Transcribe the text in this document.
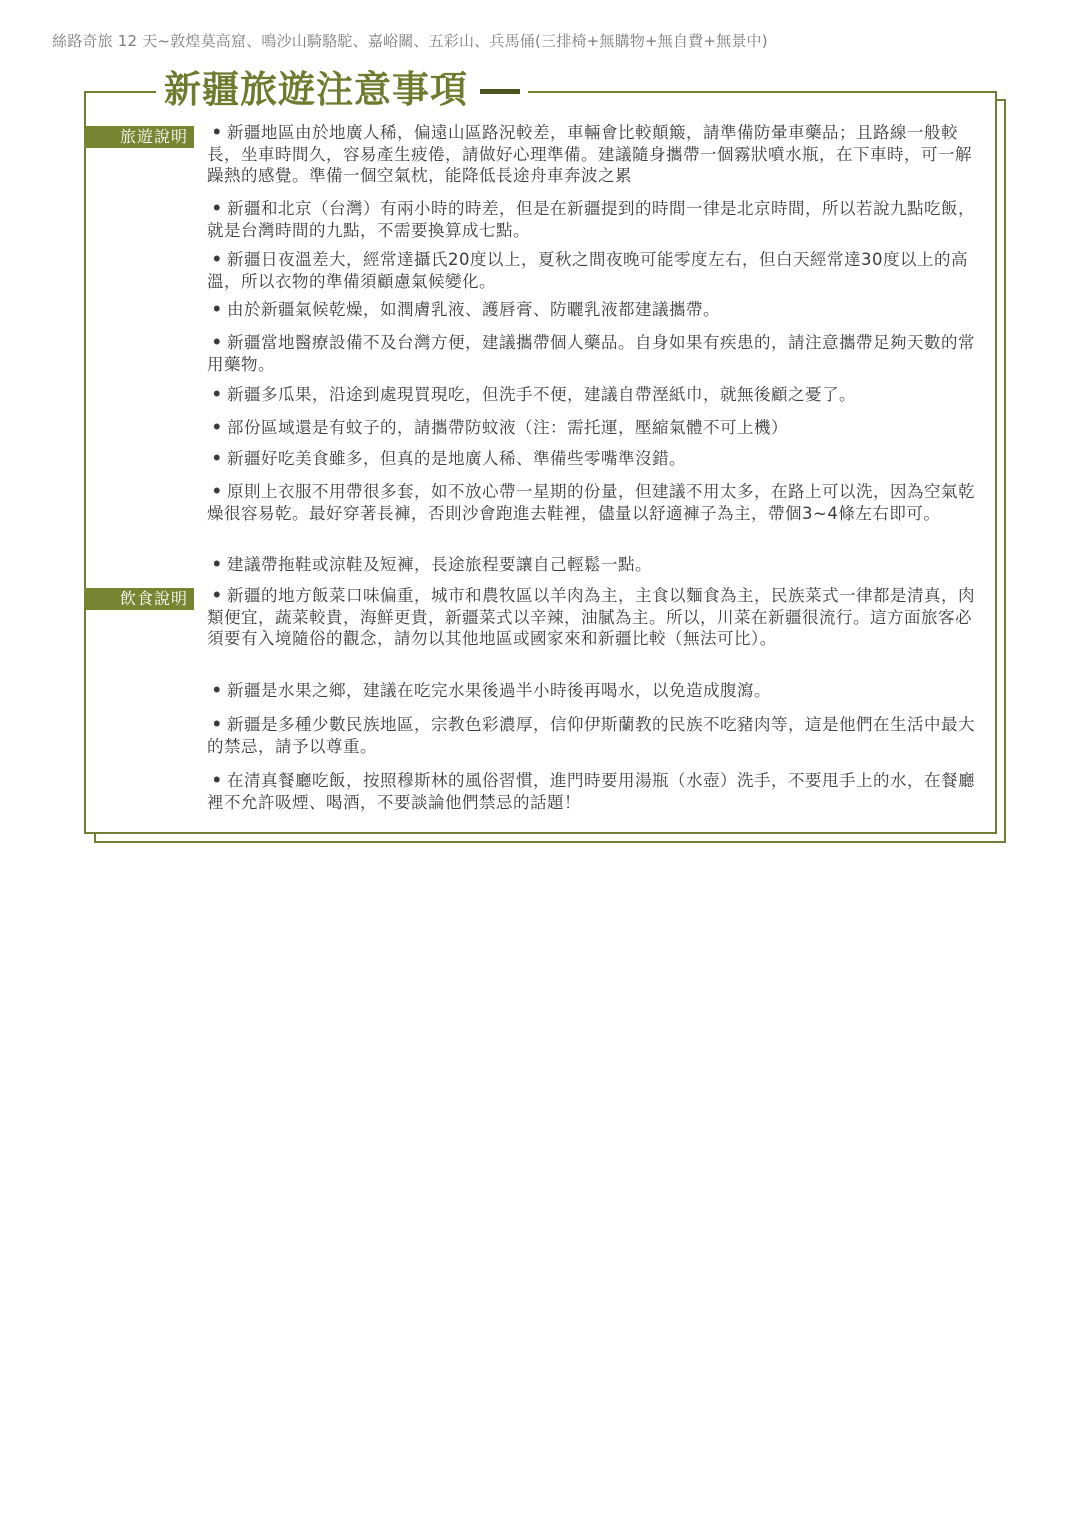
絲路奇旅 12 天~敦煌莫高窟、鳴沙山騎駱駝、嘉峪關、五彩山、兵馬俑(三排椅+無購物+無自費+無景中)
新疆旅遊注意事項
旅遊說明
飲食說明
• 新疆地區由於地廣人稀，偏遠山區路況較差，車輛會比較顛簸，請準備防暈車藥品；且路線一般較長，坐車時間久，容易產生疲倦，請做好心理準備。建議隨身攜帶一個霧狀噴水瓶，在下車時，可一解躁熱的感覺。準備一個空氣枕，能降低長途舟車奔波之累
• 新疆和北京（台灣）有兩小時的時差，但是在新疆提到的時間一律是北京時間，所以若說九點吃飯，就是台灣時間的九點，不需要換算成七點。
• 新疆日夜溫差大，經常達攝氏20度以上，夏秋之間夜晚可能零度左右，但白天經常達30度以上的高溫，所以衣物的準備須顧慮氣候變化。
• 由於新疆氣候乾燥，如潤膚乳液、護唇膏、防曬乳液都建議攜帶。
• 新疆當地醫療設備不及台灣方便，建議攜帶個人藥品。自身如果有疾患的，請注意攜帶足夠天數的常用藥物。
• 新疆多瓜果，沿途到處現買現吃，但洗手不便，建議自帶溼紙巾，就無後顧之憂了。
• 部份區域還是有蚊子的，請攜帶防蚊液（注：需托運，壓縮氣體不可上機）
• 新疆好吃美食雖多，但真的是地廣人稀、準備些零嘴準沒錯。
• 原則上衣服不用帶很多套，如不放心帶一星期的份量，但建議不用太多，在路上可以洗，因為空氣乾燥很容易乾。最好穿著長褲，否則沙會跑進去鞋裡，儘量以舒適褲子為主，帶個3~4條左右即可。
• 建議帶拖鞋或涼鞋及短褲，長途旅程要讓自己輕鬆一點。
• 新疆的地方飯菜口味偏重，城市和農牧區以羊肉為主，主食以麵食為主，民族菜式一律都是清真，肉類便宜，蔬菜較貴，海鮮更貴，新疆菜式以辛辣，油膩為主。所以，川菜在新疆很流行。這方面旅客必須要有入境隨俗的觀念，請勿以其他地區或國家來和新疆比較（無法可比）。
• 新疆是水果之鄉，建議在吃完水果後過半小時後再喝水，以免造成腹瀉。
• 新疆是多種少數民族地區，宗教色彩濃厚，信仰伊斯蘭教的民族不吃豬肉等，這是他們在生活中最大的禁忌，請予以尊重。
• 在清真餐廳吃飯，按照穆斯林的風俗習慣，進門時要用湯瓶（水壺）洗手，不要甩手上的水，在餐廳裡不允許吸煙、喝酒，不要談論他們禁忌的話題！
